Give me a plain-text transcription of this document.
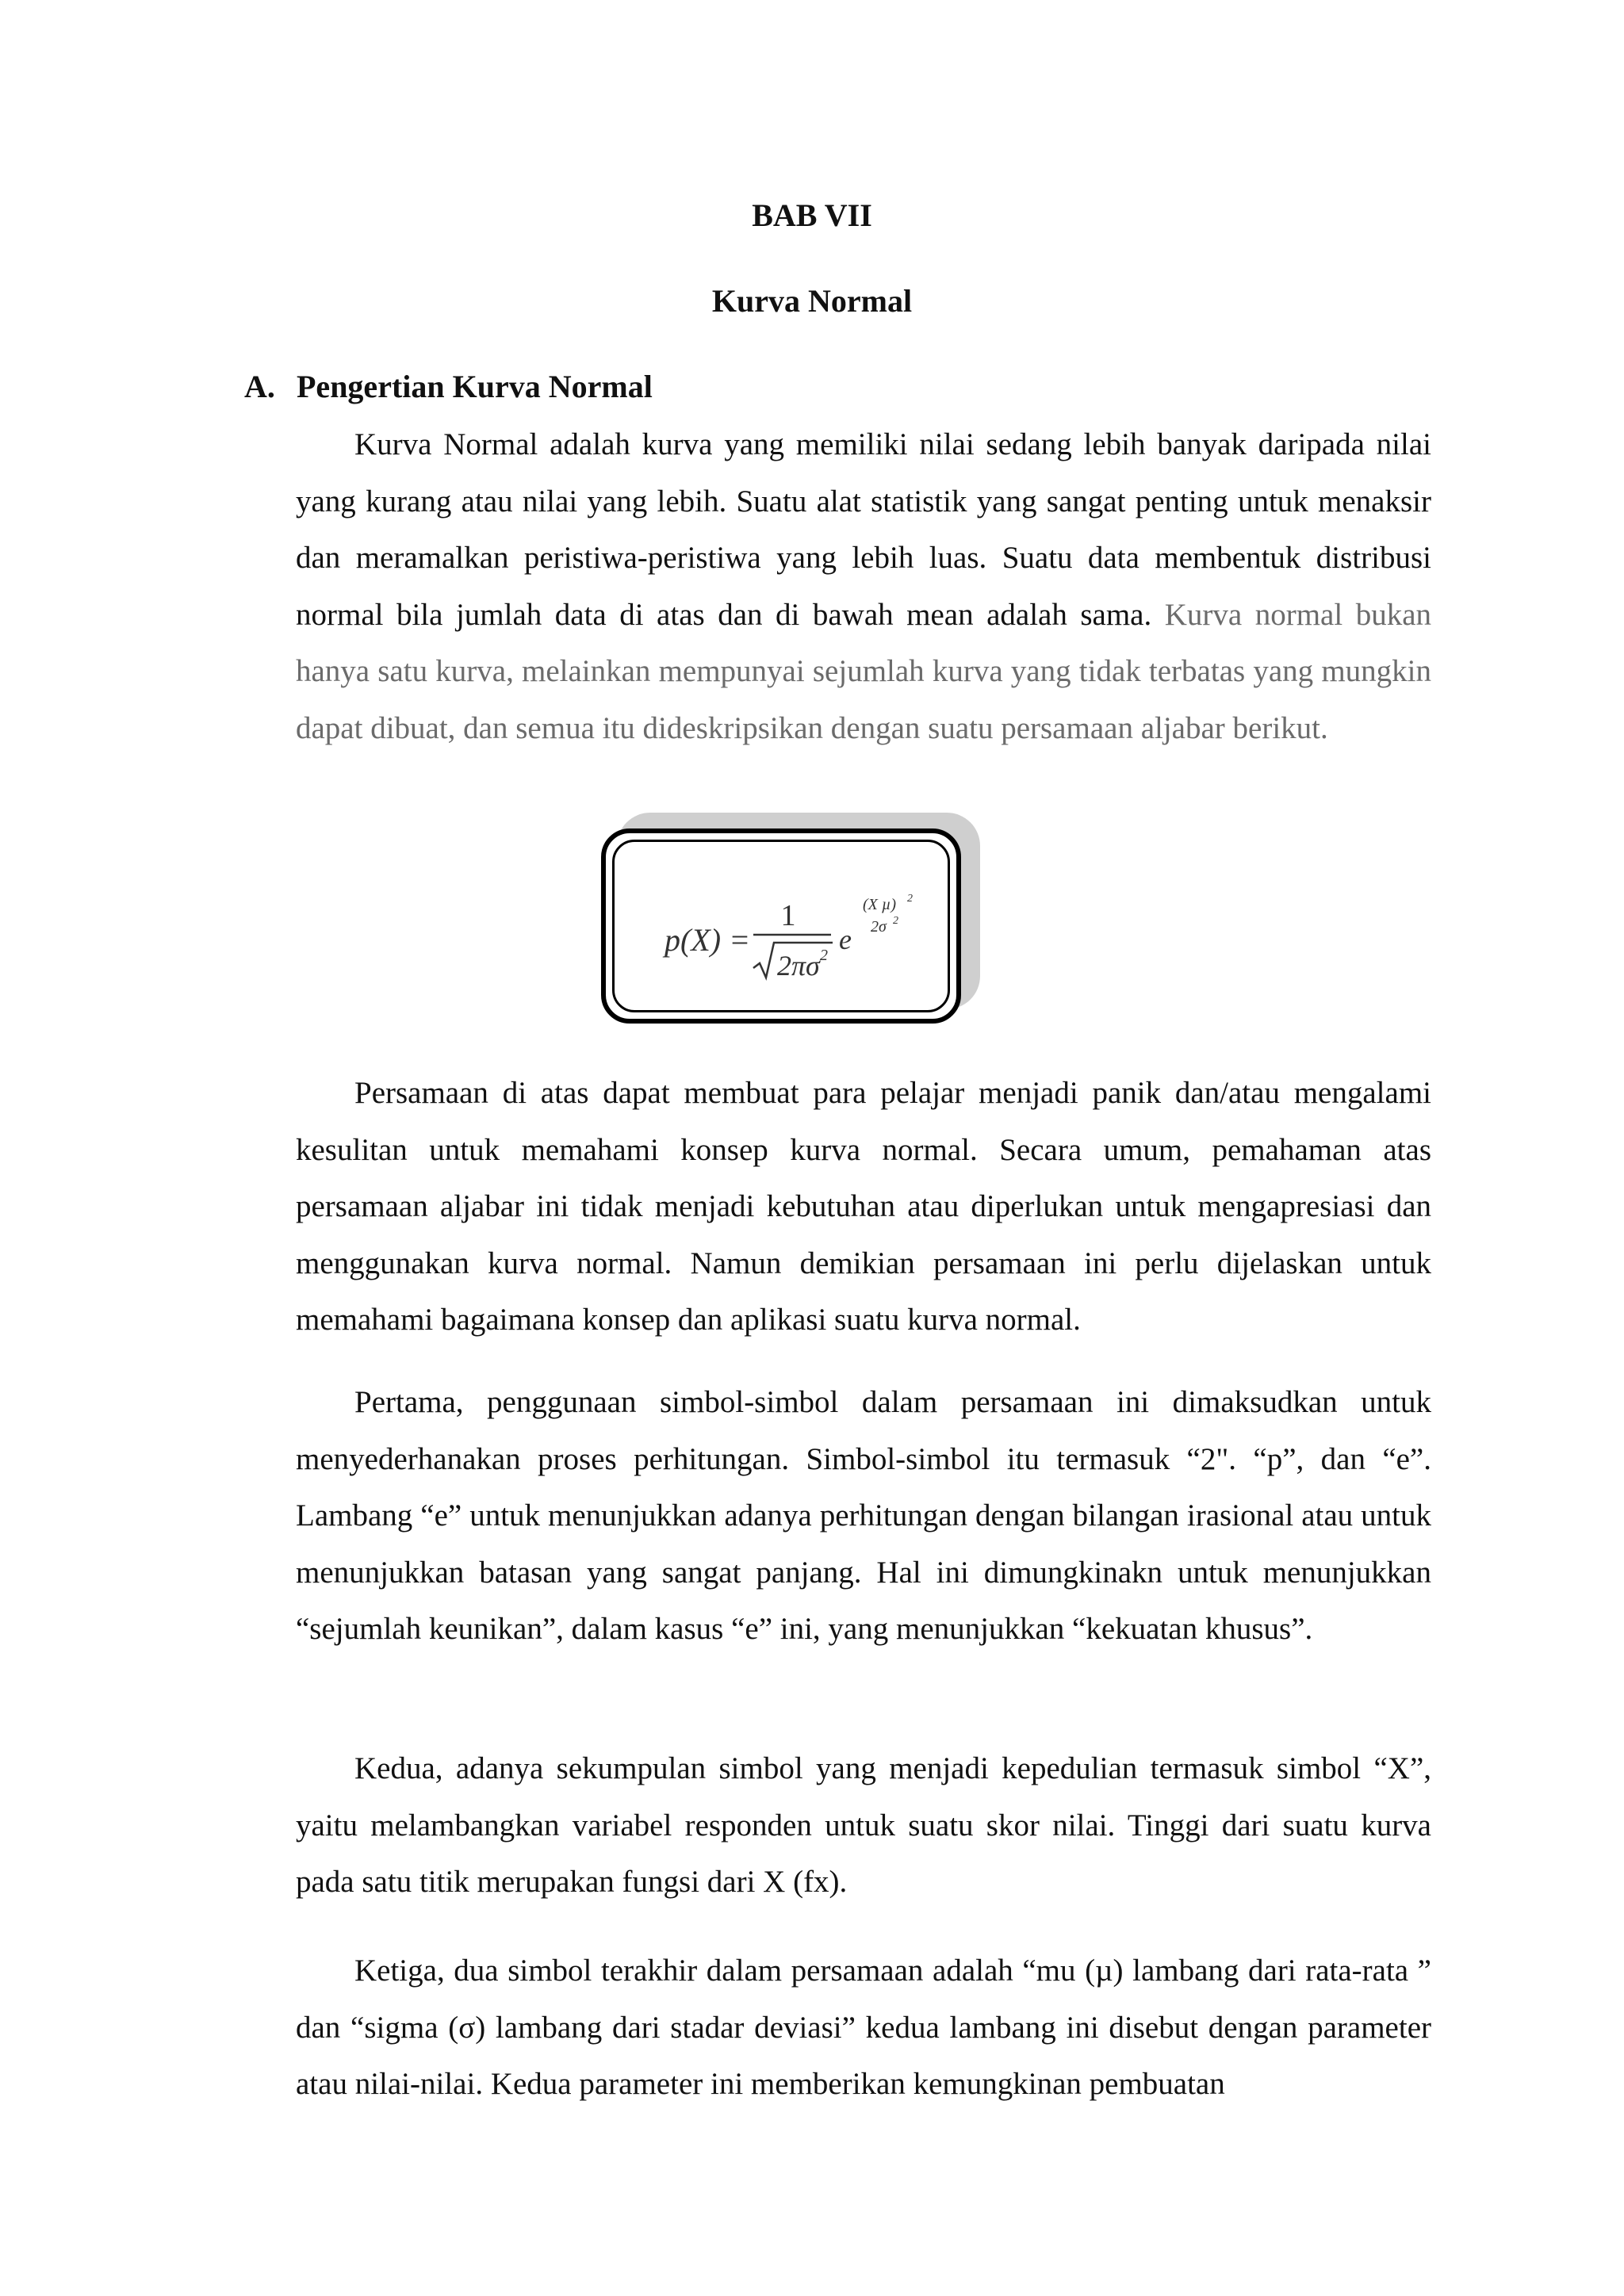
BAB VII
Kurva Normal
A. Pengertian Kurva Normal

Kurva Normal adalah kurva yang memiliki nilai sedang lebih banyak daripada nilai yang kurang atau nilai yang lebih. Suatu alat statistik yang sangat penting untuk menaksir dan meramalkan peristiwa-peristiwa yang lebih luas. Suatu data membentuk distribusi normal bila jumlah data di atas dan di bawah mean adalah sama. Kurva normal bukan hanya satu kurva, melainkan mempunyai sejumlah kurva yang tidak terbatas yang mungkin dapat dibuat, dan semua itu dideskripsikan dengan suatu persamaan aljabar berikut.

p(X) =
1
2πσ 2 e
(X µ) 2
2σ 2

Persamaan di atas dapat membuat para pelajar menjadi panik dan/atau mengalami kesulitan untuk memahami konsep kurva normal. Secara umum, pemahaman atas persamaan aljabar ini tidak menjadi kebutuhan atau diperlukan untuk mengapresiasi dan menggunakan kurva normal. Namun demikian persamaan ini perlu dijelaskan untuk memahami bagaimana konsep dan aplikasi suatu kurva normal.

Pertama, penggunaan simbol-simbol dalam persamaan ini dimaksudkan untuk menyederhanakan proses perhitungan. Simbol-simbol itu termasuk “2". “p”, dan “e”. Lambang “e” untuk menunjukkan adanya perhitungan dengan bilangan irasional atau untuk menunjukkan batasan yang sangat panjang. Hal ini dimungkinakn untuk menunjukkan “sejumlah keunikan”, dalam kasus “e” ini, yang menunjukkan “kekuatan khusus”.

Kedua, adanya sekumpulan simbol yang menjadi kepedulian termasuk simbol “X”, yaitu melambangkan variabel responden untuk suatu skor nilai. Tinggi dari suatu kurva pada satu titik merupakan fungsi dari X (fx).

Ketiga, dua simbol terakhir dalam persamaan adalah “mu (µ) lambang dari rata-rata ” dan “sigma (σ) lambang dari stadar deviasi” kedua lambang ini disebut dengan parameter atau nilai-nilai. Kedua parameter ini memberikan kemungkinan pembuatan
